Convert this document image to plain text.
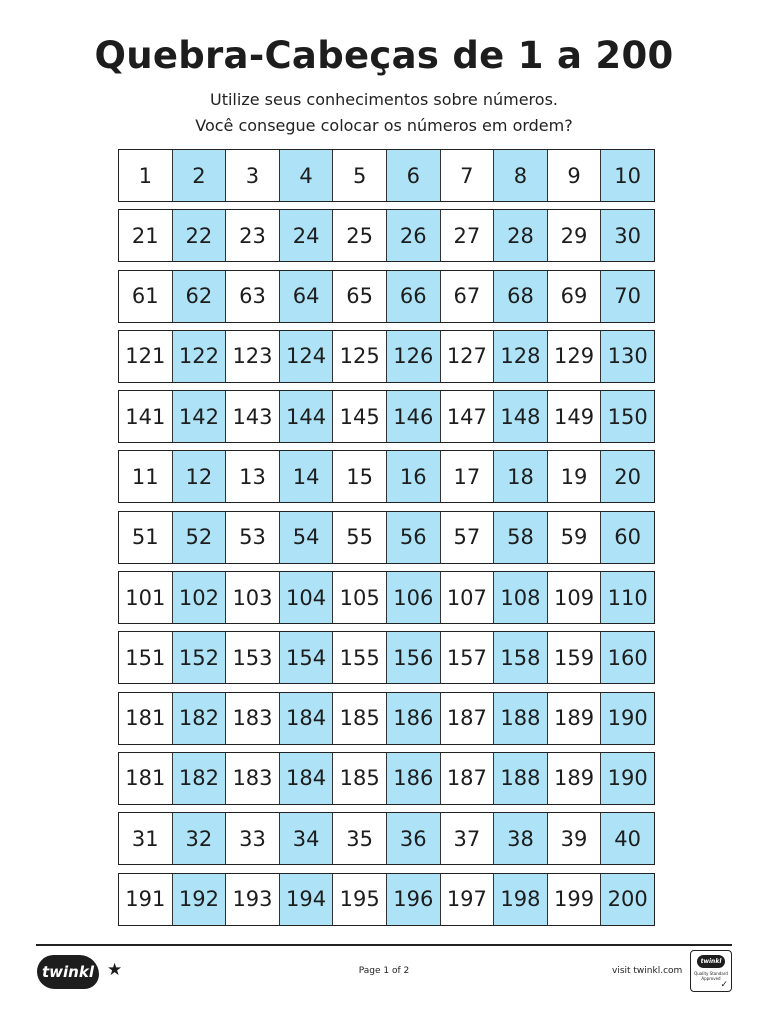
Quebra-Cabeças de 1 a 200
Utilize seus conhecimentos sobre números.
Você consegue colocar os números em ordem?
1	2	3	4	5	6	7	8	9	10
21	22	23	24	25	26	27	28	29	30
61	62	63	64	65	66	67	68	69	70
121 122 123 124 125 126 127 128 129 130
141 142 143 144 145 146 147 148 149 150
11	12	13	14	15	16	17	18	19	20
51	52	53	54	55	56	57	58	59	60
101 102 103 104 105 106 107 108 109 110
151 152 153 154 155 156 157 158 159 160
181 182 183 184 185 186 187 188 189 190
181 182 183 184 185 186 187 188 189 190
31	32	33	34	35	36	37	38	39	40
191 192 193 194 195 196 197 198 199 200
twinkl ★	Page 1 of 2	visit twinkl.com
twinkl
Quality Standard Approved
✓
